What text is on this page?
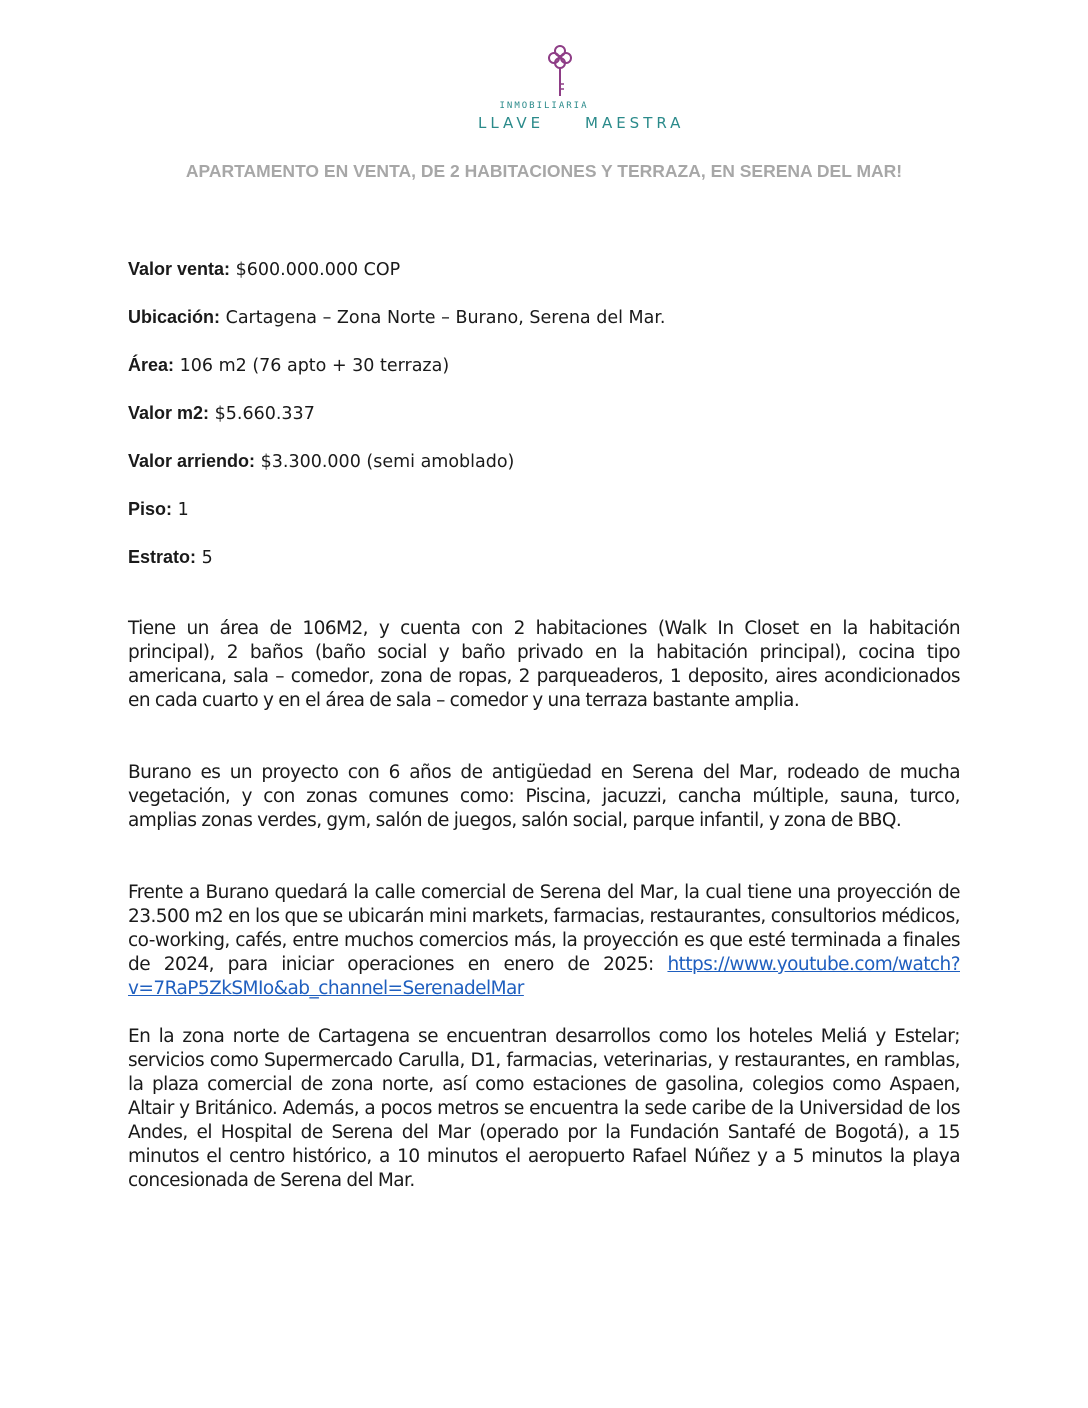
LLAVE	MAESTRA
INMOBILIARIA
APARTAMENTO EN VENTA, DE 2 HABITACIONES Y TERRAZA, EN SERENA DEL MAR!
Valor venta: $600.000.000 COP
Ubicación: Cartagena – Zona Norte – Burano, Serena del Mar.
Área: 106 m2 (76 apto + 30 terraza)
Valor m2: $5.660.337
Valor arriendo: $3.300.000 (semi amoblado)
Piso: 1
Estrato: 5

Tiene un área de 106M2, y cuenta con 2 habitaciones (Walk In Closet en la habitación principal), 2 baños (baño social y baño privado en la habitación principal), cocina tipo americana, sala – comedor, zona de ropas, 2 parqueaderos, 1 deposito, aires acondicionados en cada cuarto y en el área de sala – comedor y una terraza bastante amplia.

Burano es un proyecto con 6 años de antigüedad en Serena del Mar, rodeado de mucha vegetación, y con zonas comunes como: Piscina, jacuzzi, cancha múltiple, sauna, turco, amplias zonas verdes, gym, salón de juegos, salón social, parque infantil, y zona de BBQ.

Frente a Burano quedará la calle comercial de Serena del Mar, la cual tiene una proyección de 23.500 m2 en los que se ubicarán mini markets, farmacias, restaurantes, consultorios médicos, co-working, cafés, entre muchos comercios más, la proyección es que esté terminada a finales de 2024, para iniciar operaciones en enero de 2025: https://www.youtube.com/watch?v=7RaP5ZkSMIo&ab_channel=SerenadelMar

En la zona norte de Cartagena se encuentran desarrollos como los hoteles Meliá y Estelar; servicios como Supermercado Carulla, D1, farmacias, veterinarias, y restaurantes, en ramblas, la plaza comercial de zona norte, así como estaciones de gasolina, colegios como Aspaen, Altair y Británico. Además, a pocos metros se encuentra la sede caribe de la Universidad de los Andes, el Hospital de Serena del Mar (operado por la Fundación Santafé de Bogotá), a 15 minutos el centro histórico, a 10 minutos el aeropuerto Rafael Núñez y a 5 minutos la playa concesionada de Serena del Mar.
